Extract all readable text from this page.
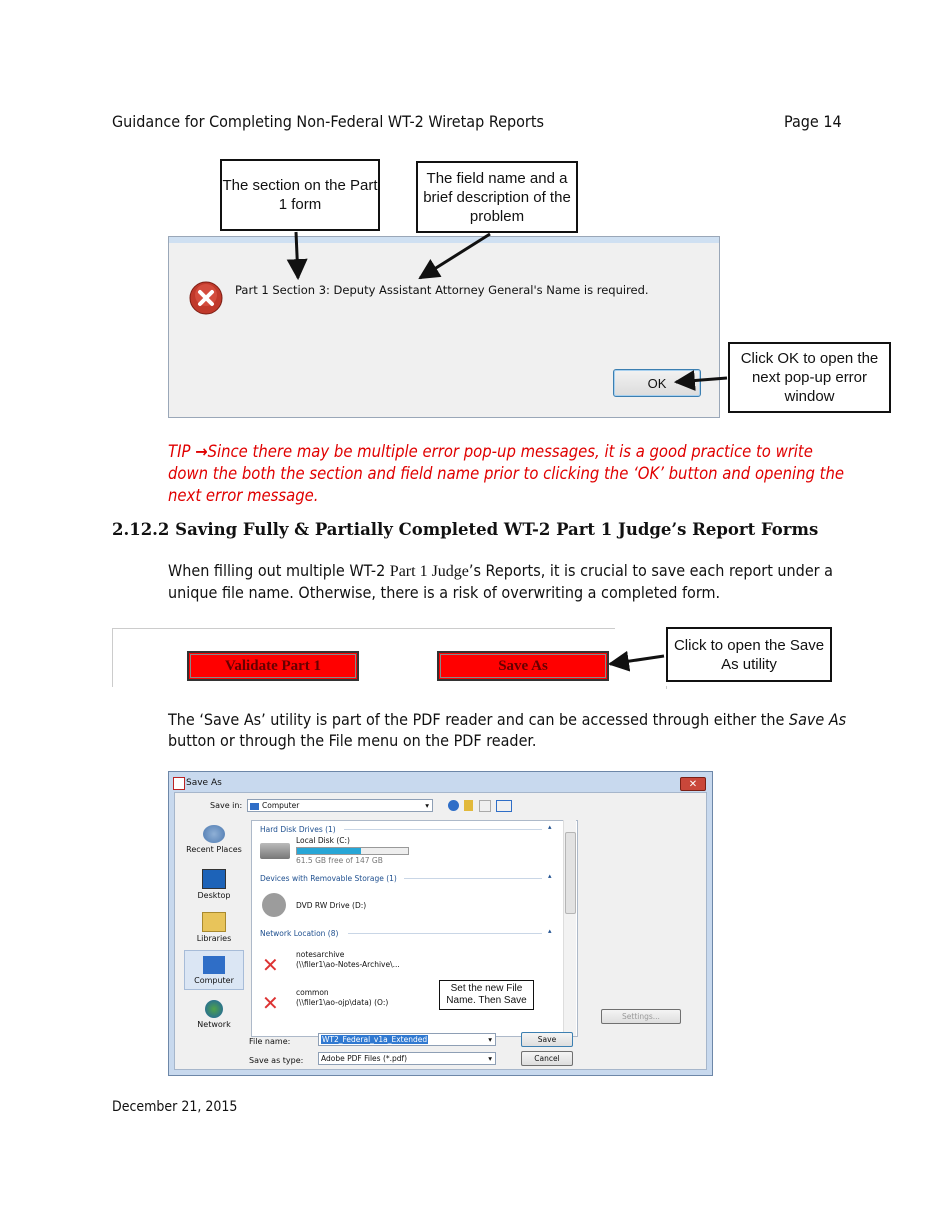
Guidance for Completing Non-Federal WT-2 Wiretap Reports	Page 14
Part 1 Section 3: Deputy Assistant Attorney General's Name is required.
OK
The section on the Part 1 form
The field name and a brief description of the problem
Click OK to open the next pop-up error window
TIP →Since there may be multiple error pop-up messages, it is a good practice to write down the both the section and field name prior to clicking the ‘OK’ button and opening the next error message.
2.12.2 Saving Fully & Partially Completed WT-2 Part 1 Judge’s Report Forms
When filling out multiple WT-2 Part 1 Judge’s Reports, it is crucial to save each report under a unique file name. Otherwise, there is a risk of overwriting a completed form.
Validate Part 1	Save As
Click to open the Save As utility
The ‘Save As’ utility is part of the PDF reader and can be accessed through either the Save As button or through the File menu on the PDF reader.
Save As	✕
Save in:	Computer	▾
Recent Places
Desktop
Libraries
Computer
Network
Hard Disk Drives (1)	▴
Local Disk (C:)
61.5 GB free of 147 GB
Devices with Removable Storage (1)	▴
DVD RW Drive (D:)
Network Location (8)	▴
✕	notesarchive
(\\filer1\ao-Notes-Archive\...
✕	common
(\\filer1\ao-ojp\data) (O:)
Settings...
File name:	WT2_Federal_v1a_Extended	▾	Save
Save as type:	Adobe PDF Files (*.pdf)	▾	Cancel
Set the new File Name. Then Save
December 21, 2015
